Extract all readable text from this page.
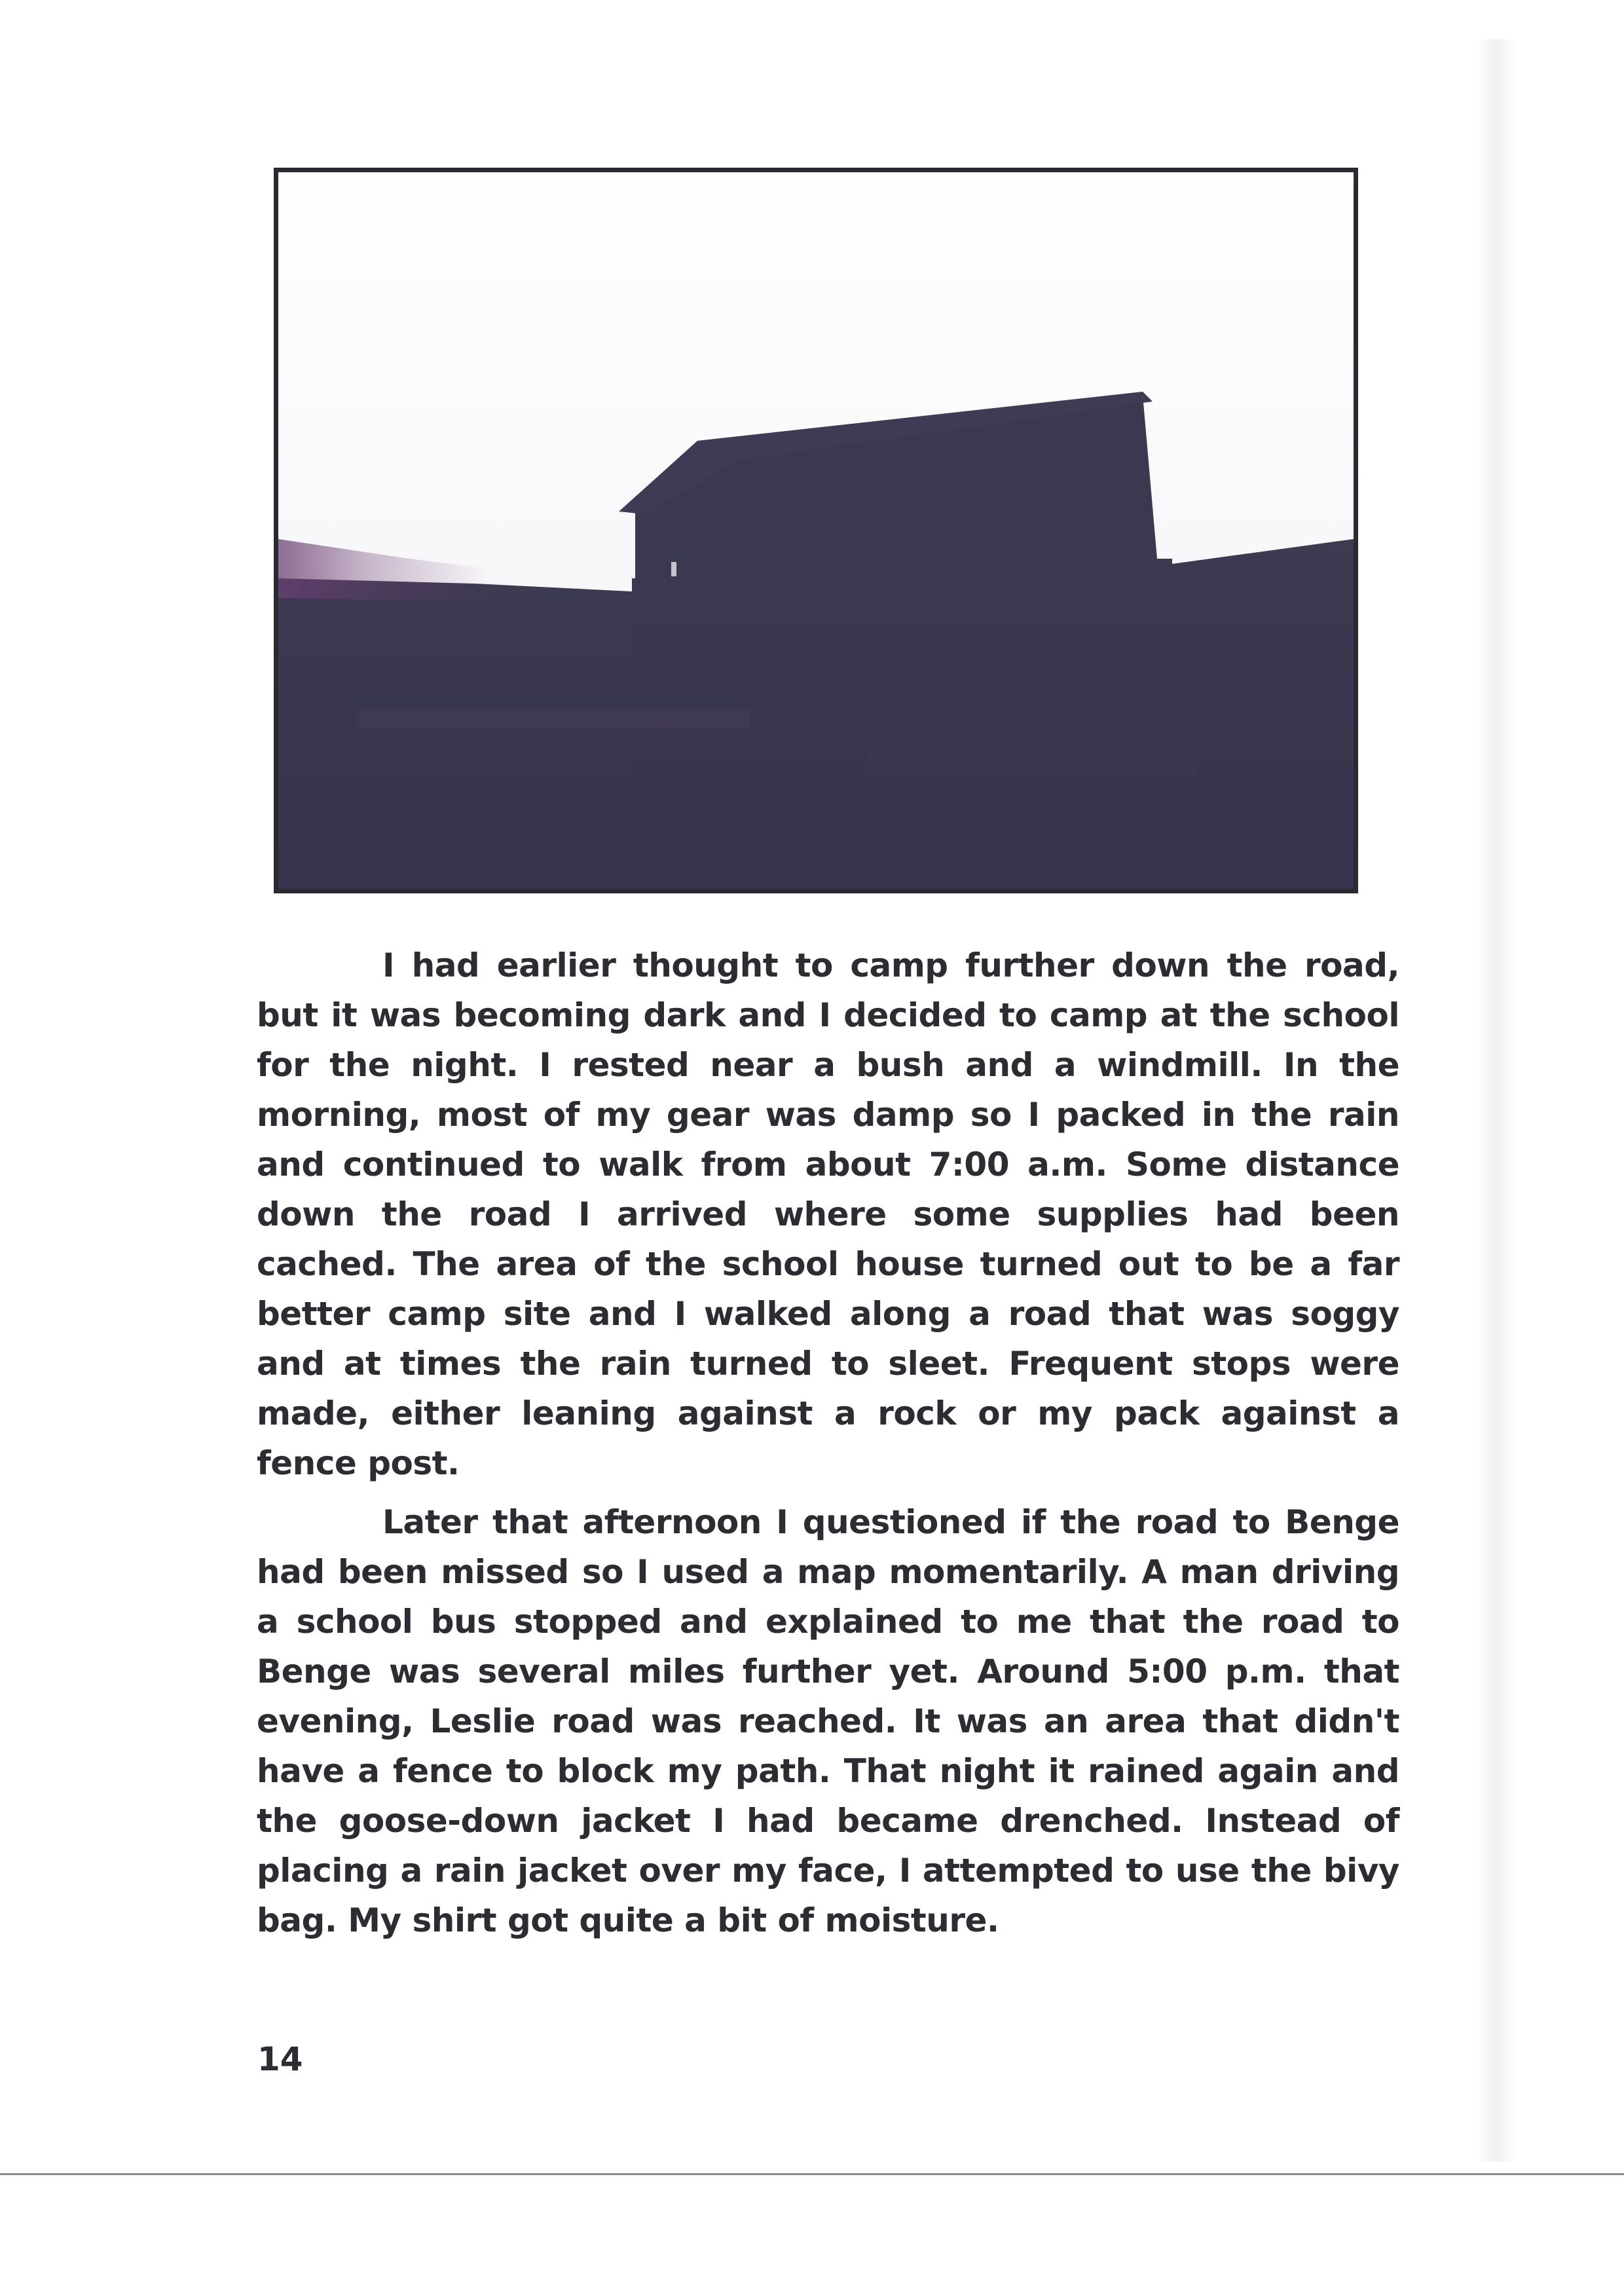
I had earlier thought to camp further down the road, but it was becoming dark and I decided to camp at the school for the night. I rested near a bush and a windmill. In the morning, most of my gear was damp so I packed in the rain and continued to walk from about 7:00 a.m. Some distance down the road I arrived where some supplies had been cached. The area of the school house turned out to be a far better camp site and I walked along a road that was soggy and at times the rain turned to sleet. Frequent stops were made, either leaning against a rock or my pack against a fence post.

Later that afternoon I questioned if the road to Benge had been missed so I used a map momentarily. A man driving a school bus stopped and explained to me that the road to Benge was several miles further yet. Around 5:00 p.m. that evening, Leslie road was reached. It was an area that didn't have a fence to block my path. That night it rained again and the goose-down jacket I had became drenched. Instead of placing a rain jacket over my face, I attempted to use the bivy bag. My shirt got quite a bit of moisture.

14
